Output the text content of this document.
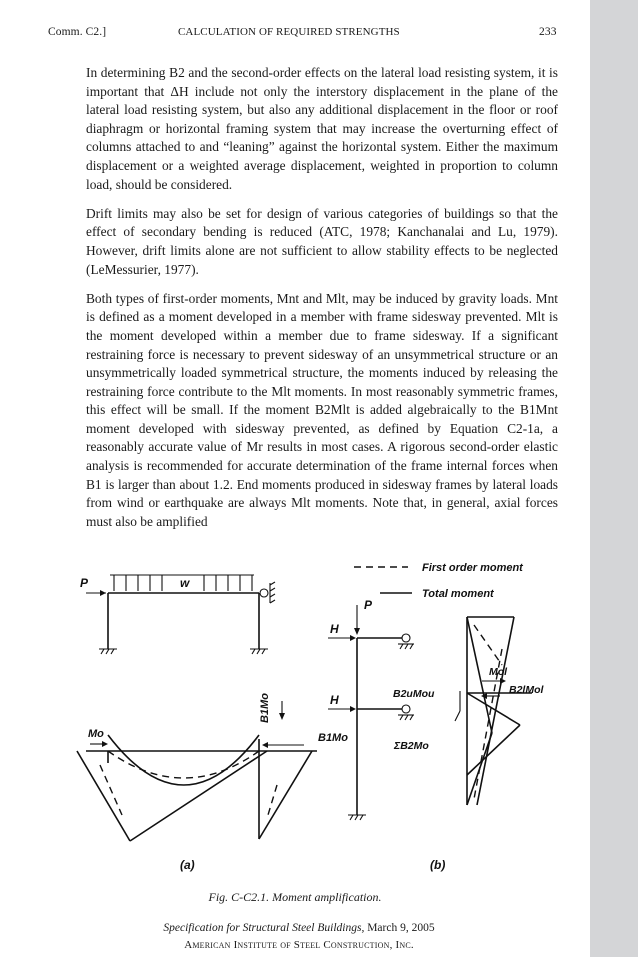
Comm. C2.]	CALCULATION OF REQUIRED STRENGTHS	233

In determining B2 and the second-order effects on the lateral load resisting system, it is important that ΔH include not only the interstory displacement in the plane of the lateral load resisting system, but also any additional displacement in the floor or roof diaphragm or horizontal framing system that may increase the overturning effect of columns attached to and “leaning” against the horizontal system. Either the maximum displacement or a weighted average displacement, weighted in proportion to column load, should be considered.

Drift limits may also be set for design of various categories of buildings so that the effect of secondary bending is reduced (ATC, 1978; Kanchanalai and Lu, 1979). However, drift limits alone are not sufficient to allow stability effects to be neglected (LeMessurier, 1977).

Both types of first-order moments, Mnt and Mlt, may be induced by gravity loads. Mnt is defined as a moment developed in a member with frame sidesway prevented. Mlt is the moment developed within a member due to frame sidesway. If a significant restraining force is necessary to prevent sidesway of an unsymmetrical structure or an unsymmetrically loaded symmetrical structure, the moments induced by releasing the restraining force contribute to the Mlt moments. In most reasonably symmetric frames, this effect will be small. If the moment B2Mlt is added algebraically to the B1Mnt moment developed with sidesway prevented, as defined by Equation C2-1a, a reasonably accurate value of Mr results in most cases. A rigorous second-order elastic analysis is recommended for accurate determination of the frame internal forces when B1 is larger than about 1.2. End moments produced in sidesway frames by lateral loads from wind or earthquake are always Mlt moments. Note that, in general, axial forces must also be amplified

First order moment
Total moment
P	w
Mo
B1Mo
B1Mo
(a)
P
H
H	B2uMou
ΣB2Mo
Mol
B2lMol
(b)
Fig. C-C2.1. Moment amplification.
Specification for Structural Steel Buildings, March 9, 2005
American Institute of Steel Construction, Inc.
